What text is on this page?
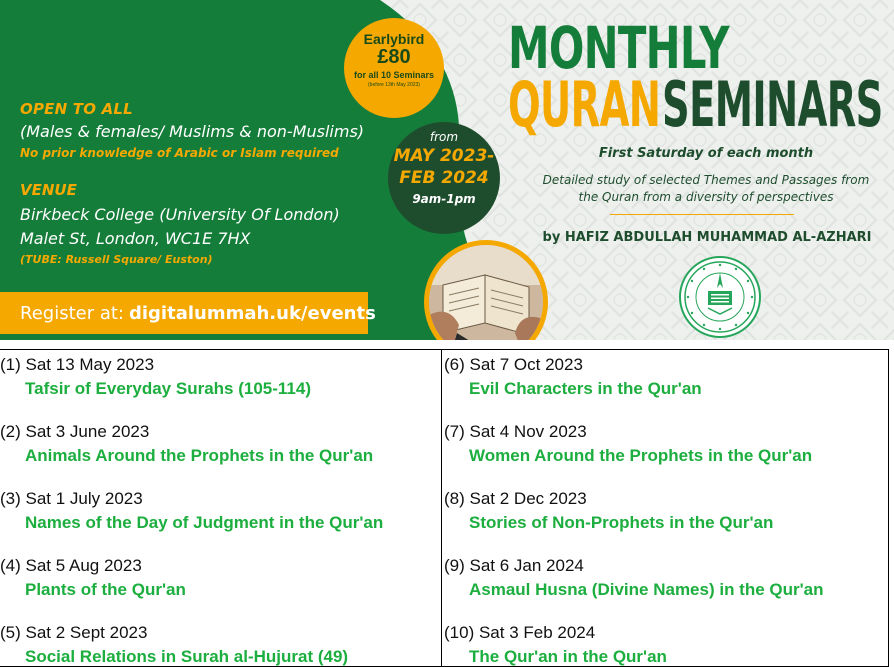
OPEN TO ALL
(Males & females/ Muslims & non-Muslims)
No prior knowledge of Arabic or Islam required
VENUE
Birkbeck College (University Of London)
Malet St, London, WC1E 7HX
(TUBE: Russell Square/ Euston)
Register at: digitalummah.uk/events
Earlybird
£80
for all 10 Seminars
(before 13th May 2023)
from
MAY 2023-
FEB 2024
9am-1pm
MONTHLY
QURAN SEMINARS
First Saturday of each month
Detailed study of selected Themes and Passages from
the Quran from a diversity of perspectives
by HAFIZ ABDULLAH MUHAMMAD AL-AZHARI
(1) Sat 13 May 2023
Tafsir of Everyday Surahs (105-114)
(2) Sat 3 June 2023
Animals Around the Prophets in the Qur'an
(3) Sat 1 July 2023
Names of the Day of Judgment in the Qur'an
(4) Sat 5 Aug 2023
Plants of the Qur'an
(5) Sat 2 Sept 2023
Social Relations in Surah al-Hujurat (49)
(6) Sat 7 Oct 2023
Evil Characters in the Qur'an
(7) Sat 4 Nov 2023
Women Around the Prophets in the Qur'an
(8) Sat 2 Dec 2023
Stories of Non-Prophets in the Qur'an
(9) Sat 6 Jan 2024
Asmaul Husna (Divine Names) in the Qur'an
(10) Sat 3 Feb 2024
The Qur'an in the Qur'an
